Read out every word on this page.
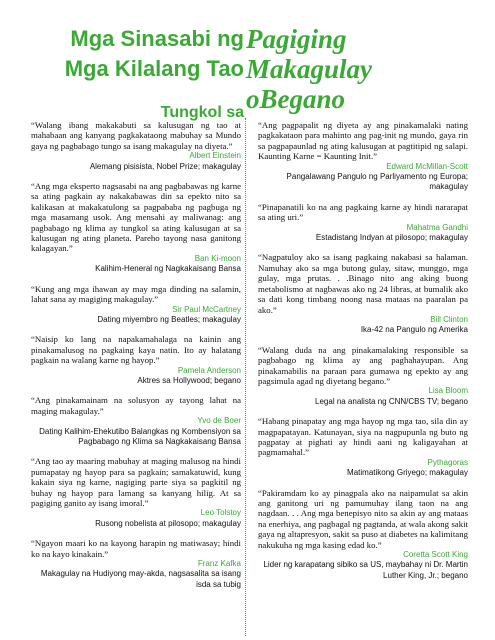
Mga Sinasabi ng
Mga Kilalang Tao
Tungkol sa
Pagiging
Makagulay
oBegano

“Walang ibang makakabuti sa kalusugan ng tao at mahabaan ang kanyang pagkakataong mabuhay sa Mundo gaya ng pagbabago tungo sa isang makagulay na diyeta.”

Albert Einstein

Alemang pisisista, Nobel Prize; makagulay

“Ang mga eksperto nagsasabi na ang pagbabawas ng karne sa ating pagkain ay nakakabawas din sa epekto nito sa kalikasan at makakatulong sa pagpababa ng pagbuga ng mga masamang usok. Ang mensahi ay maliwanag: ang pagbabago ng klima ay tungkol sa ating kalusugan at sa kalusugan ng ating planeta. Pareho tayong nasa ganitong kalagayan.”

Ban Ki-moon

Kalihim-Heneral ng Nagkakaisang Bansa

“Kung ang mga ihawan ay may mga dinding na salamin, lahat sana ay magiging makagulay.”

Sir Paul McCartney

Dating miyembro ng Beatles; makagulay

“Naisip ko lang na napakamahalaga na kainin ang pinakamalusog na pagkaing kaya natin. Ito ay halatang pagkain na walang karne ng hayop.”

Pamela Anderson

Aktres sa Hollywood; begano

“Ang pinakamainam na solusyon ay tayong lahat na maging makagulay.”

Yvo de Boer

Dating Kalihim-Ehekutibo Balangkas ng Kombensiyon sa Pagbabago ng Klima sa Nagkakaisang Bansa

“Ang tao ay maaring mabuhay at maging malusog na hindi pumapatay ng hayop para sa pagkain; samakatuwid, kung kakain siya ng karne, nagiging parte siya sa pagkitil ng buhay ng hayop para lamang sa kanyang hilig. At sa pagiging ganito ay isang imoral.”

Leo Tolstoy

Rusong nobelista at pilosopo; makagulay

“Ngayon maari ko na kayong harapin ng matiwasay; hindi ko na kayo kinakain.”

Franz Kafka

Makagulay na Hudiyong may-akda, nagsasalita sa isang isda sa tubig

“Ang pagpapalit ng diyeta ay ang pinakamalaki nating pagkakataon para mahinto ang pag-init ng mundo, gaya rin sa pagpapaunlad ng ating kalusugan at pagtitipid ng salapi. Kaunting Karne = Kaunting Init.”

Edward McMillan-Scott

Pangalawang Pangulo ng Parliyamento ng Europa; makagulay

“Pinapanatili ko na ang pagkaing karne ay hindi nararapat sa ating uri.”

Mahatma Gandhi

Estadistang Indyan at pilosopo; makagulay

“Nagpatuloy ako sa isang pagkaing nakabasi sa halaman. Namuhay ako sa mga butong gulay, sitaw, munggo, mga gulay, mga prutas. . .Binago nito ang aking buong metabolismo at nagbawas ako ng 24 libras, at bumalik ako sa dati kong timbang noong nasa mataas na paaralan pa ako.”

Bill Clinton

Ika-42 na Pangulo ng Amerika

“Walang duda na ang pinakamalaking responsible sa pagbabago ng klima ay ang paghahayupan. Ang pinakamabilis na paraan para gumawa ng epekto ay ang pagsimula agad ng diyetang begano.”

Lisa Bloom

Legal na analista ng CNN/CBS TV; begano

“Habang pinapatay ang mga hayop ng mga tao, sila din ay magpapatayan. Katunayan, siya na nagpupunla ng buto ng pagpatay at pighati ay hindi aani ng kaligayahan at pagmamahal.”

Pythagoras

Matimatikong Griyego; makagulay

“Pakiramdam ko ay pinagpala ako na naipamulat sa akin ang ganitong uri ng pamumuhay ilang taon na ang nagdaan. . . Ang mga benepisyo nito sa akin ay ang mataas na enerhiya, ang pagbagal ng pagtanda, at wala akong sakit gaya ng altapresyon, sakit sa puso at diabetes na kalimitang nakukuha ng mga kasing edad ko.”

Coretta Scott King

Lider ng karapatang sibiko sa US, maybahay ni Dr. Martin Luther King, Jr.; begano
